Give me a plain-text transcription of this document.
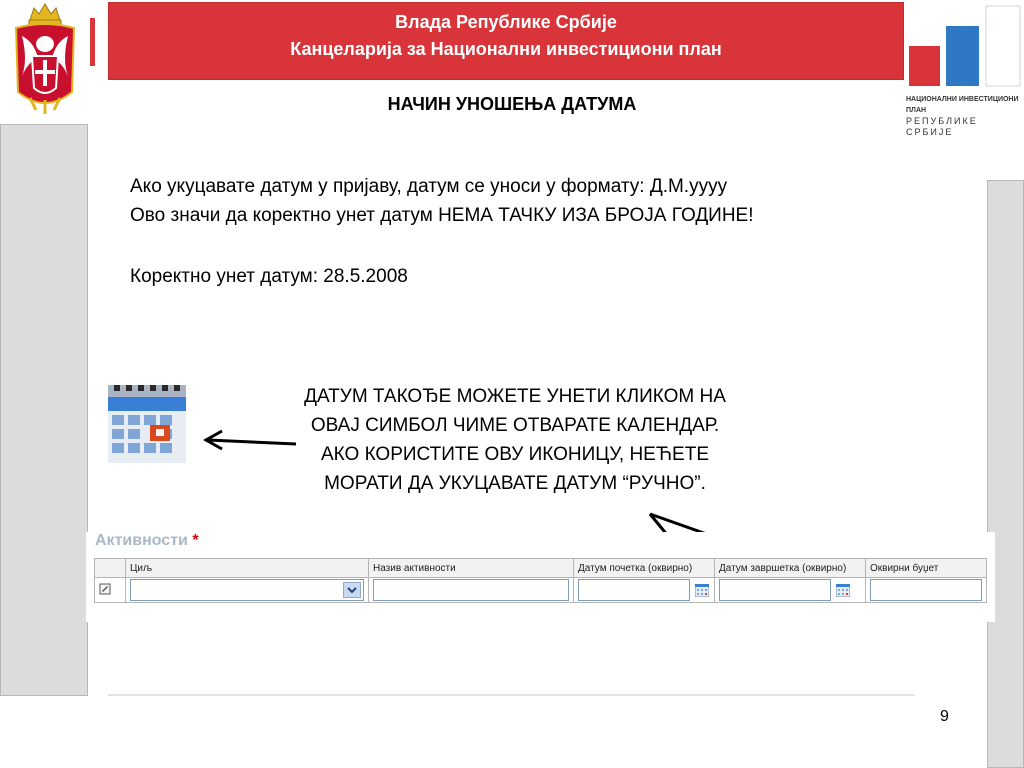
Влада Републике Србије
Канцеларија за Национални инвестициони план
НАЦИОНАЛНИ ИНВЕСТИЦИОНИ ПЛАН
РЕПУБЛИКЕ СРБИЈЕ
НАЧИН УНОШЕЊА ДАТУМА
Ако укуцавате датум у пријаву, датум се уноси у формату: Д.М.уууу
Ово значи да коректно унет датум НЕМА ТАЧКУ ИЗА БРОЈА ГОДИНЕ!
Коректно унет датум: 28.5.2008
ДАТУМ ТАКОЂЕ МОЖЕТЕ УНЕТИ КЛИКОМ НА ОВАЈ СИМБОЛ ЧИМЕ ОТВАРАТЕ КАЛЕНДАР. АКО КОРИСТИТЕ ОВУ ИКОНИЦУ, НЕЋЕТЕ МОРАТИ ДА УКУЦАВАТЕ ДАТУМ “РУЧНО”.
Активности *
	Циљ	Назив активности	Датум почетка (оквирно)	Датум завршетка (оквирно)	Оквирни буџет

9
